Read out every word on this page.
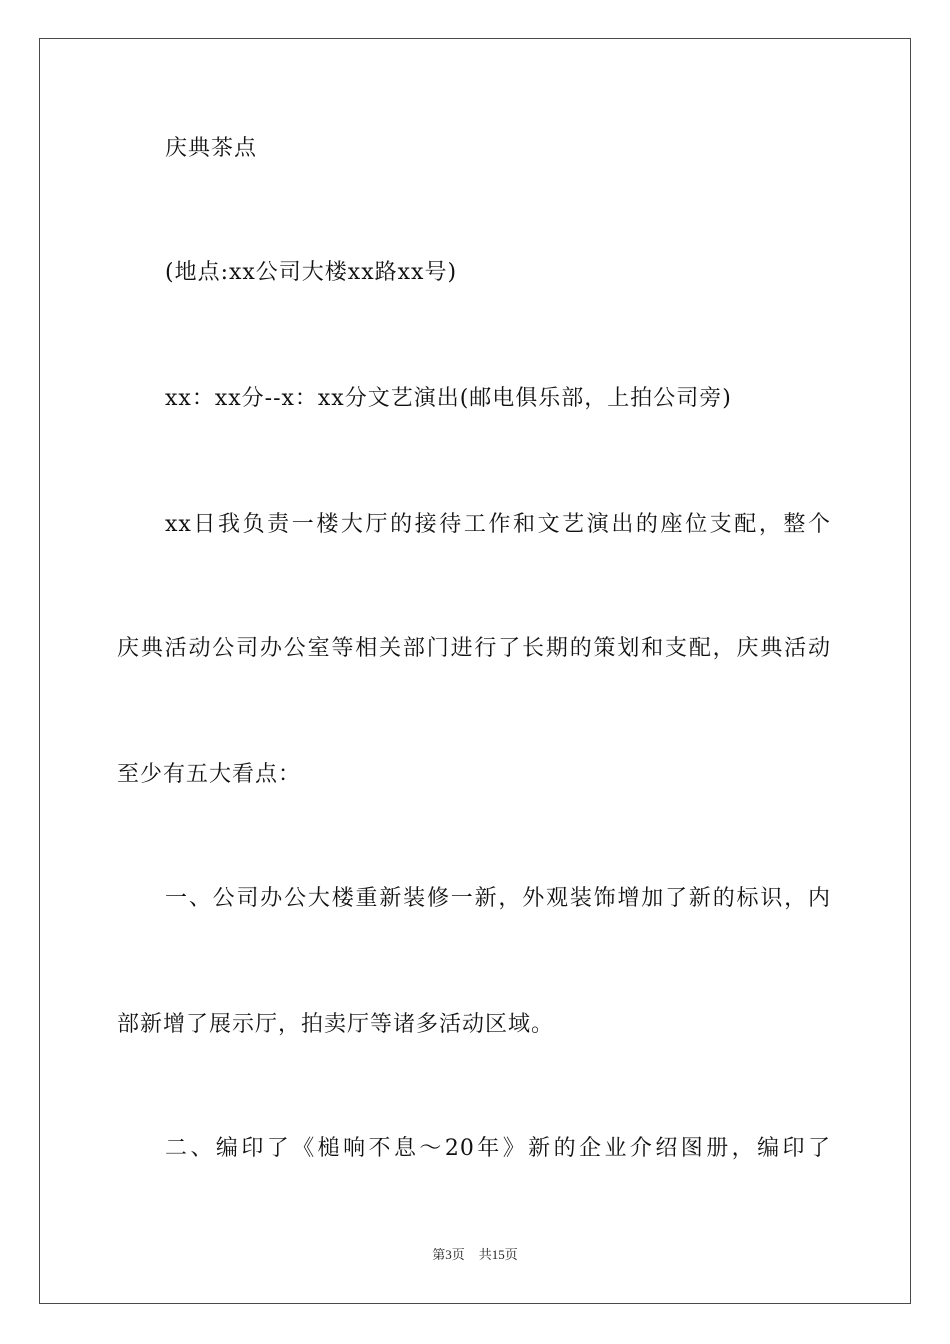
庆典茶点
(地点:xx公司大楼xx路xx号)
xx：xx分--x：xx分文艺演出(邮电俱乐部，上拍公司旁)
xx日我负责一楼大厅的接待工作和文艺演出的座位支配，整个
庆典活动公司办公室等相关部门进行了长期的策划和支配，庆典活动
至少有五大看点：
一、公司办公大楼重新装修一新，外观装饰增加了新的标识，内
部新增了展示厅，拍卖厅等诸多活动区域。
二、编印了《槌响不息～20年》新的企业介绍图册，编印了
第3页 共15页
